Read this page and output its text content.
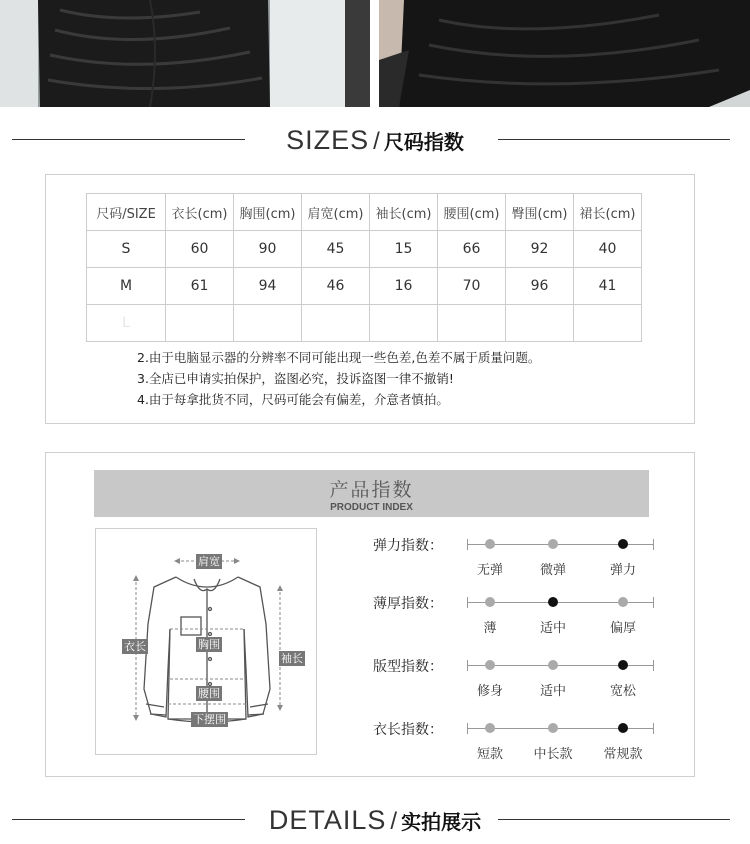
SIZES / 尺码指数
尺码/SIZE	衣长(cm)	胸围(cm)	肩宽(cm)	袖长(cm)	腰围(cm)	臀围(cm)	裙长(cm)
S	60	90	45	15	66	92	40
M	61	94	46	16	70	96	41
L							
2.由于电脑显示器的分辨率不同可能出现一些色差,色差不属于质量问题。
3.全店已申请实拍保护，盗图必究，投诉盗图一律不撤销!
4.由于每拿批货不同，尺码可能会有偏差，介意者慎拍。
产品指数
PRODUCT INDEX
肩宽
衣长	胸围
袖长
腰围
下摆围
弹力指数：
无弹	微弹	弹力
薄厚指数：
薄	适中	偏厚
版型指数：
修身	适中	宽松
衣长指数：
短款	中长款	常规款
DETAILS / 实拍展示
